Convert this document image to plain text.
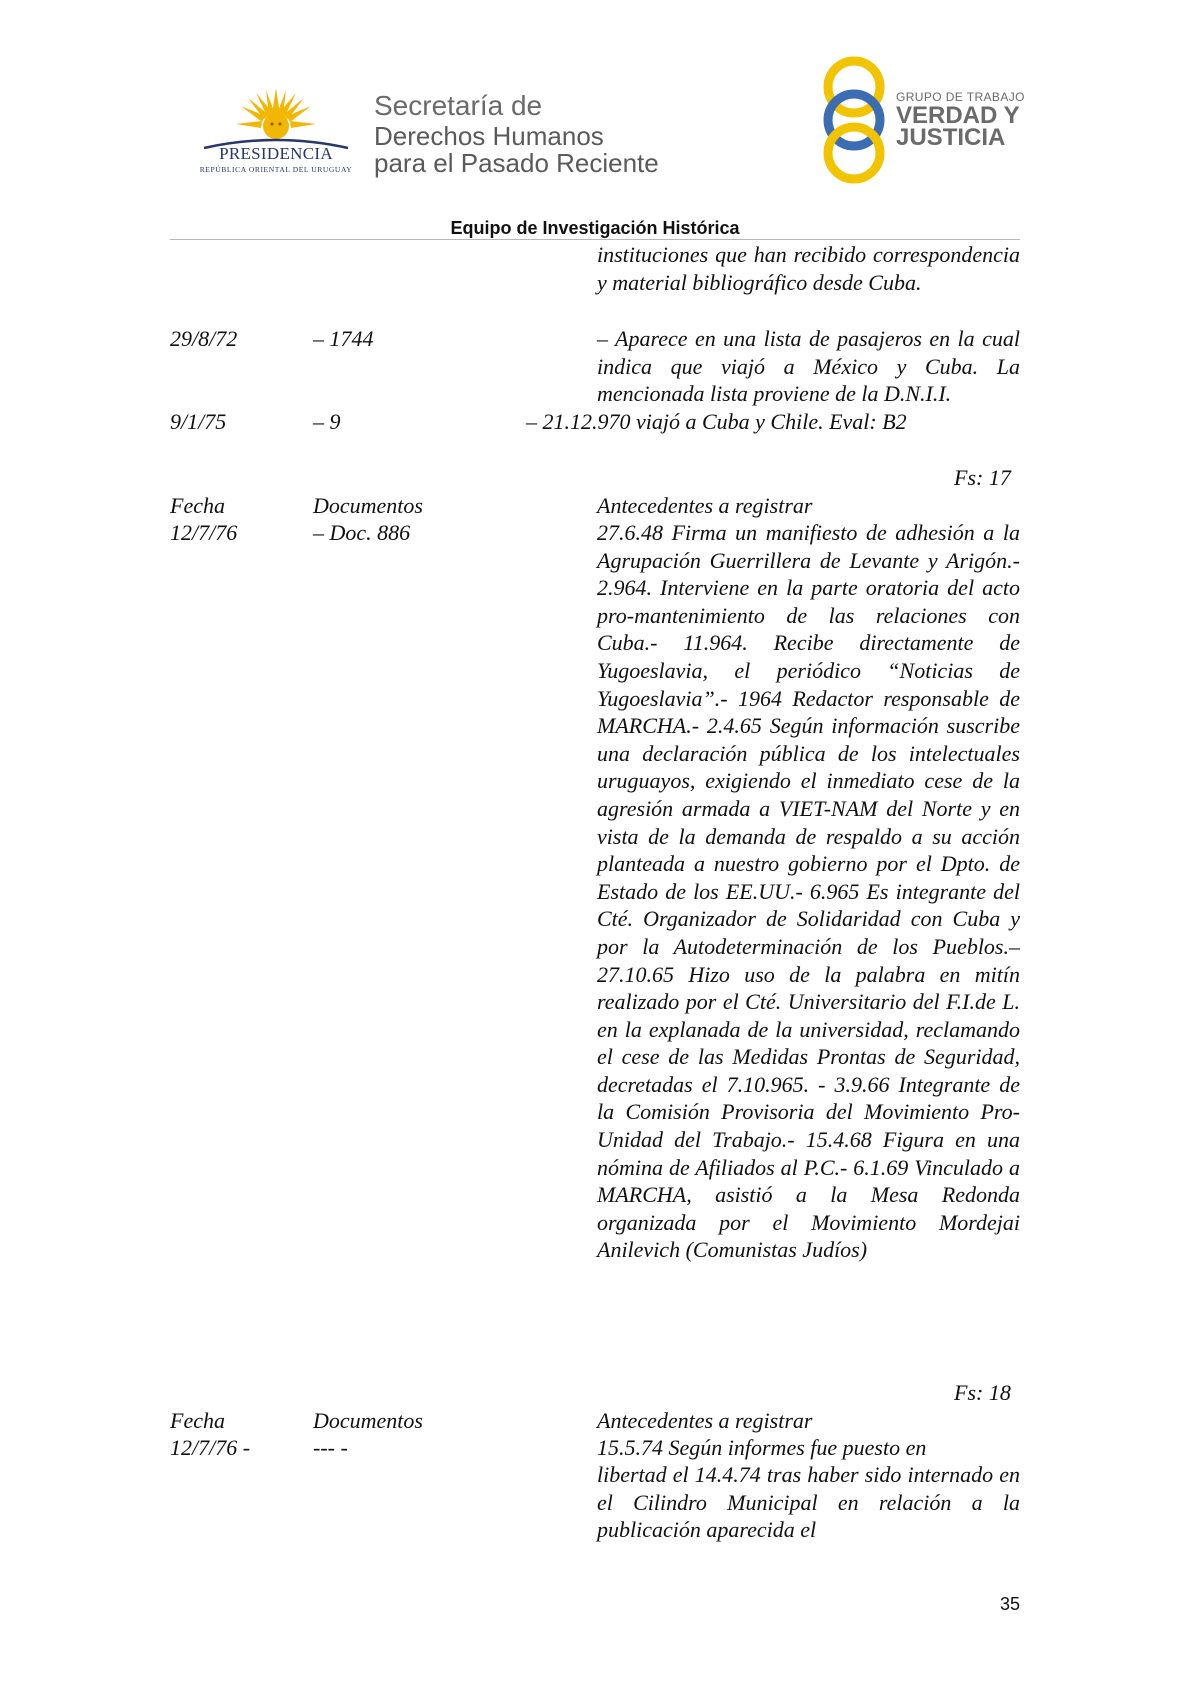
PRESIDENCIA
REPÚBLICA ORIENTAL DEL URUGUAY
Secretaría de
Derechos Humanos
para el Pasado Reciente
GRUPO DE TRABAJO
VERDAD Y
JUSTICIA
Equipo de Investigación Histórica

instituciones que han recibido correspondencia y material bibliográfico desde Cuba.

29/8/72	– 1744	– Aparece en una lista de pasajeros en la cual indica que viajó a México y Cuba. La mencionada lista proviene de la D.N.I.I.

9/1/75	– 9	– 21.12.970 viajó a Cuba y Chile. Eval: B2
Fs: 17
Fecha	Documentos	Antecedentes a registrar
12/7/76	– Doc. 886	27.6.48 Firma un manifiesto de adhesión a la Agrupación Guerrillera de Levante y Arigón.- 2.964. Interviene en la parte oratoria del acto pro-mantenimiento de las relaciones con Cuba.- 11.964. Recibe directamente de Yugoeslavia, el periódico “Noticias de Yugoeslavia”.- 1964 Redactor responsable de MARCHA.- 2.4.65 Según información suscribe una declaración pública de los intelectuales uruguayos, exigiendo el inmediato cese de la agresión armada a VIET-NAM del Norte y en vista de la demanda de respaldo a su acción planteada a nuestro gobierno por el Dpto. de Estado de los EE.UU.- 6.965 Es integrante del Cté. Organizador de Solidaridad con Cuba y por la Autodeterminación de los Pueblos.– 27.10.65 Hizo uso de la palabra en mitín realizado por el Cté. Universitario del F.I.de L. en la explanada de la universidad, reclamando el cese de las Medidas Prontas de Seguridad, decretadas el 7.10.965. - 3.9.66 Integrante de la Comisión Provisoria del Movimiento Pro-Unidad del Trabajo.- 15.4.68 Figura en una nómina de Afiliados al P.C.- 6.1.69 Vinculado a MARCHA, asistió a la Mesa Redonda organizada por el Movimiento Mordejai Anilevich (Comunistas Judíos)

Fs: 18
Fecha	Documentos	Antecedentes a registrar
12/7/76 -	--- -	15.5.74 Según informes fue puesto en

libertad el 14.4.74 tras haber sido internado en el Cilindro Municipal en relación a la publicación aparecida el

35
